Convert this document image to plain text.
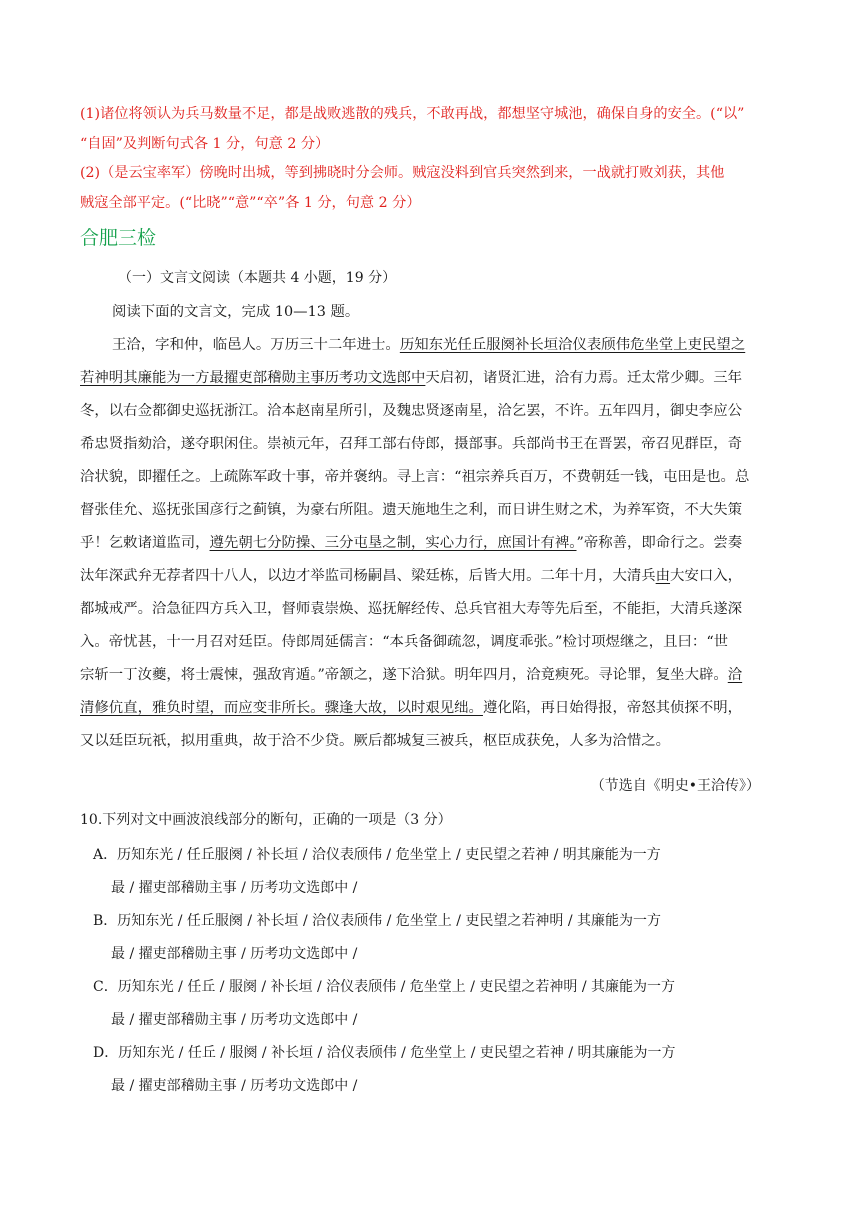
(1)诸位将领认为兵马数量不足，都是战败逃散的残兵，不敢再战，都想坚守城池，确保自身的安全。(“以”
“自固”及判断句式各 1 分，句意 2 分）
(2)（是云宝率军）傍晚时出城，等到拂晓时分会师。贼寇没料到官兵突然到来，一战就打败刘获，其他
贼寇全部平定。(“比晓”“意”“卒”各 1 分，句意 2 分）
合肥三检
（一）文言文阅读（本题共 4 小题，19 分）
阅读下面的文言文，完成 10—13 题。
王洽，字和仲，临邑人。万历三十二年进士。历知东光任丘服阕补长垣洽仪表颀伟危坐堂上吏民望之
若神明其廉能为一方最擢吏部稽勋主事历考功文选郎中天启初，诸贤汇进，洽有力焉。迁太常少卿。三年
冬，以右佥都御史巡抚浙江。洽本赵南星所引，及魏忠贤逐南星，洽乞罢，不许。五年四月，御史李应公
希忠贤指劾洽，遂夺职闲住。崇祯元年，召拜工部右侍郎，摄部事。兵部尚书王在晋罢，帝召见群臣，奇
洽状貌，即擢任之。上疏陈军政十事，帝并褒纳。寻上言：“祖宗养兵百万，不费朝廷一钱，屯田是也。总
督张佳允、巡抚张国彦行之蓟镇，为豪右所阻。遗天施地生之利，而日讲生财之术，为养军资，不大失策
乎！乞敕诸道监司，遵先朝七分防操、三分屯垦之制，实心力行，庶国计有裨。”帝称善，即命行之。尝奏
汰年深武弁无荐者四十八人，以边才举监司杨嗣昌、梁廷栋，后皆大用。二年十月，大清兵由大安口入，
都城戒严。洽急征四方兵入卫，督师袁崇焕、巡抚解经传、总兵官祖大寿等先后至，不能拒，大清兵遂深
入。帝忧甚，十一月召对廷臣。侍郎周延儒言：“本兵备御疏忽，调度乖张。”检讨项煜继之，且曰：“世
宗斩一丁汝夔，将士震悚，强敌宵遁。”帝颔之，遂下洽狱。明年四月，洽竟瘐死。寻论罪，复坐大辟。洽
清修伉直，雅负时望，而应变非所长。骤逢大故，以时艰见绌。遵化陷，再日始得报，帝怒其侦探不明，
又以廷臣玩祇，拟用重典，故于洽不少贷。厥后都城复三被兵，枢臣成获免，人多为洽惜之。
（节选自《明史•王洽传》）
10.下列对文中画波浪线部分的断句，正确的一项是（3 分）
A．历知东光 / 任丘服阕 / 补长垣 / 洽仪表颀伟 / 危坐堂上 / 吏民望之若神 / 明其廉能为一方
最 / 擢吏部稽勋主事 / 历考功文选郎中 /
B．历知东光 / 任丘服阕 / 补长垣 / 洽仪表颀伟 / 危坐堂上 / 吏民望之若神明 / 其廉能为一方
最 / 擢吏部稽勋主事 / 历考功文选郎中 /
C．历知东光 / 任丘 / 服阕 / 补长垣 / 洽仪表颀伟 / 危坐堂上 / 吏民望之若神明 / 其廉能为一方
最 / 擢吏部稽勋主事 / 历考功文选郎中 /
D．历知东光 / 任丘 / 服阕 / 补长垣 / 洽仪表颀伟 / 危坐堂上 / 吏民望之若神 / 明其廉能为一方
最 / 擢吏部稽勋主事 / 历考功文选郎中 /
